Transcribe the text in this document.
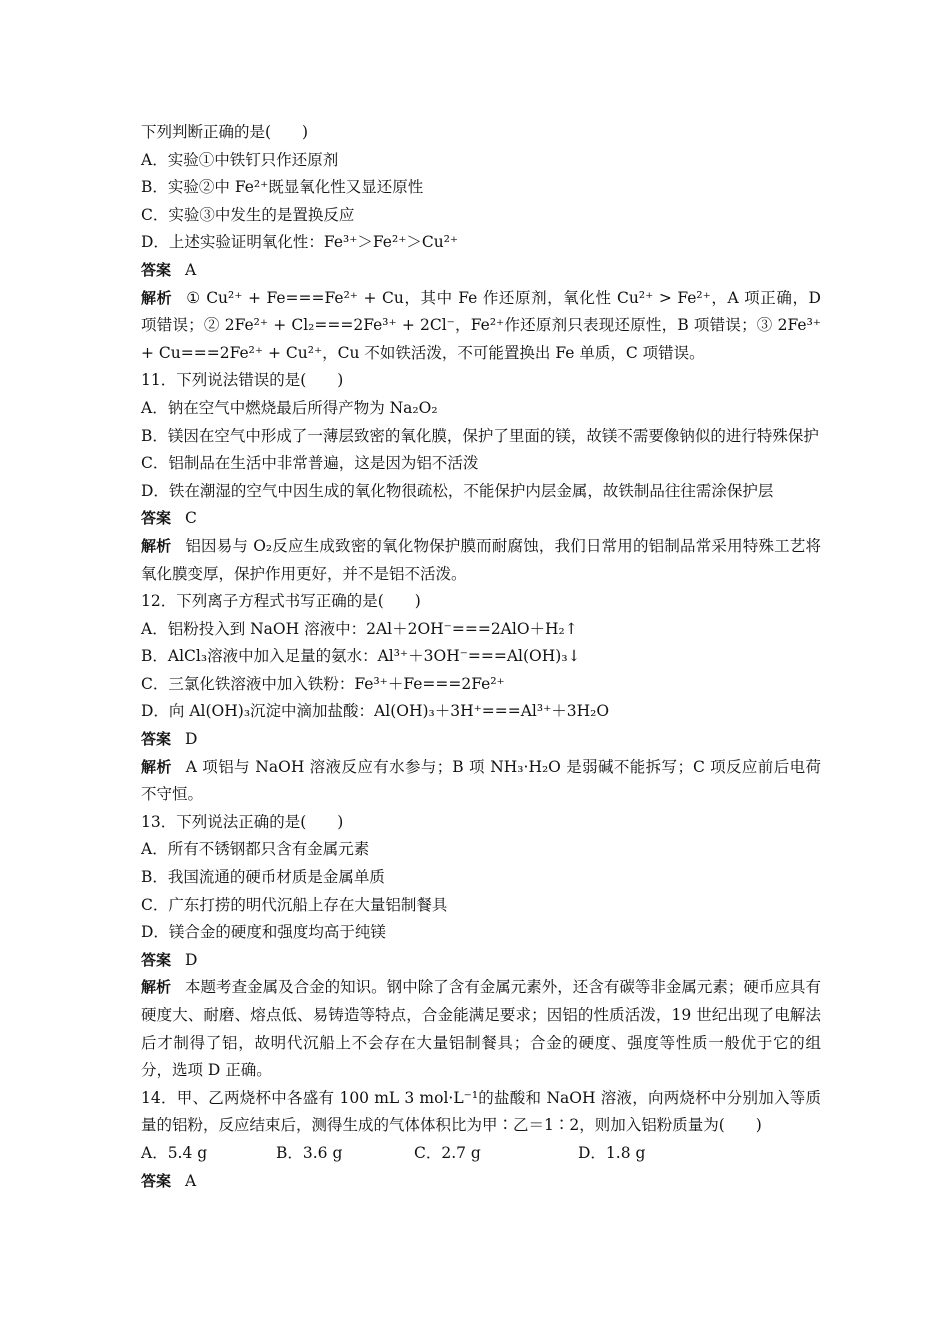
下列判断正确的是(　　)
A．实验①中铁钉只作还原剂
B．实验②中 Fe²⁺既显氧化性又显还原性
C．实验③中发生的是置换反应
D．上述实验证明氧化性：Fe³⁺＞Fe²⁺＞Cu²⁺
答案 A
解析 ① Cu²⁺ + Fe===Fe²⁺ + Cu，其中 Fe 作还原剂，氧化性 Cu²⁺ > Fe²⁺，A 项正确，D 项错误；② 2Fe²⁺ + Cl₂===2Fe³⁺ + 2Cl⁻，Fe²⁺作还原剂只表现还原性，B 项错误；③ 2Fe³⁺ + Cu===2Fe²⁺ + Cu²⁺，Cu 不如铁活泼，不可能置换出 Fe 单质，C 项错误。
11．下列说法错误的是(　　)
A．钠在空气中燃烧最后所得产物为 Na₂O₂
B．镁因在空气中形成了一薄层致密的氧化膜，保护了里面的镁，故镁不需要像钠似的进行特殊保护
C．铝制品在生活中非常普遍，这是因为铝不活泼
D．铁在潮湿的空气中因生成的氧化物很疏松，不能保护内层金属，故铁制品往往需涂保护层
答案 C
解析 铝因易与 O₂反应生成致密的氧化物保护膜而耐腐蚀，我们日常用的铝制品常采用特殊工艺将氧化膜变厚，保护作用更好，并不是铝不活泼。
12．下列离子方程式书写正确的是(　　)
A．铝粉投入到 NaOH 溶液中：2Al＋2OH⁻===2AlO＋H₂↑
B．AlCl₃溶液中加入足量的氨水：Al³⁺＋3OH⁻===Al(OH)₃↓
C．三氯化铁溶液中加入铁粉：Fe³⁺＋Fe===2Fe²⁺
D．向 Al(OH)₃沉淀中滴加盐酸：Al(OH)₃＋3H⁺===Al³⁺＋3H₂O
答案 D
解析 A 项铝与 NaOH 溶液反应有水参与；B 项 NH₃·H₂O 是弱碱不能拆写；C 项反应前后电荷不守恒。
13．下列说法正确的是(　　)
A．所有不锈钢都只含有金属元素
B．我国流通的硬币材质是金属单质
C．广东打捞的明代沉船上存在大量铝制餐具
D．镁合金的硬度和强度均高于纯镁
答案 D
解析 本题考查金属及合金的知识。钢中除了含有金属元素外，还含有碳等非金属元素；硬币应具有硬度大、耐磨、熔点低、易铸造等特点，合金能满足要求；因铝的性质活泼，19 世纪出现了电解法后才制得了铝，故明代沉船上不会存在大量铝制餐具；合金的硬度、强度等性质一般优于它的组分，选项 D 正确。
14．甲、乙两烧杯中各盛有 100 mL 3 mol·L⁻¹的盐酸和 NaOH 溶液，向两烧杯中分别加入等质量的铝粉，反应结束后，测得生成的气体体积比为甲∶乙＝1∶2，则加入铝粉质量为(　　)
A．5.4 g	B．3.6 g	C．2.7 g	D．1.8 g
答案 A
